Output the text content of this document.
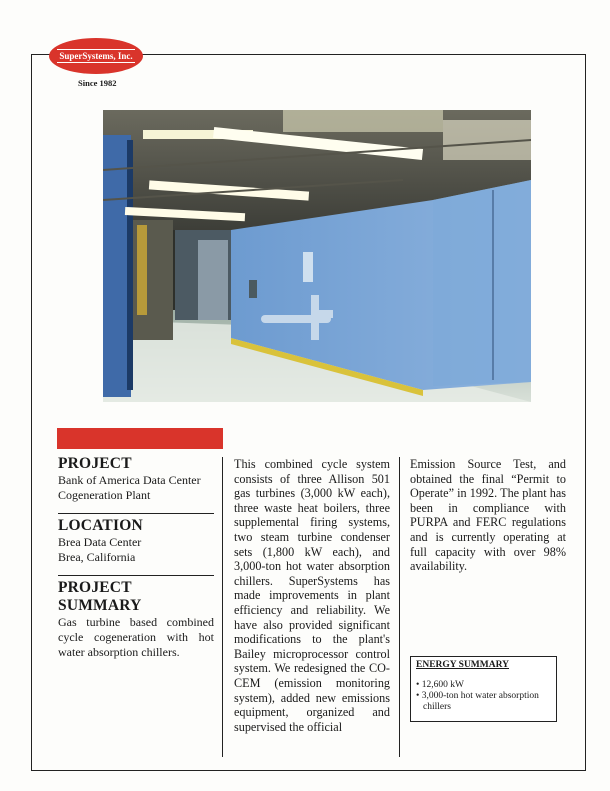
SuperSystems, Inc.
Since 1982
PROJECT
Bank of America Data Center
Cogeneration Plant
LOCATION
Brea Data Center
Brea, California
PROJECT SUMMARY
Gas turbine based combined cycle cogeneration with hot water absorption chillers.

This combined cycle system consists of three Allison 501 gas turbines (3,000 kW each), three waste heat boilers, three supplemental firing systems, two steam turbine condenser sets (1,800 kW each), and 3,000-ton hot water absorption chillers. SuperSystems has made improvements in plant efficiency and reliability. We have also provided significant modifications to the plant's Bailey microprocessor control system. We redesigned the CO-CEM (emission monitoring system), added new emissions equipment, organized and supervised the official

Emission Source Test, and obtained the final “Permit to Operate” in 1992. The plant has been in compliance with PURPA and FERC regulations and is currently operating at full capacity with over 98% availability.

ENERGY SUMMARY
• 12,600 kW
• 3,000-ton hot water absorption chillers
